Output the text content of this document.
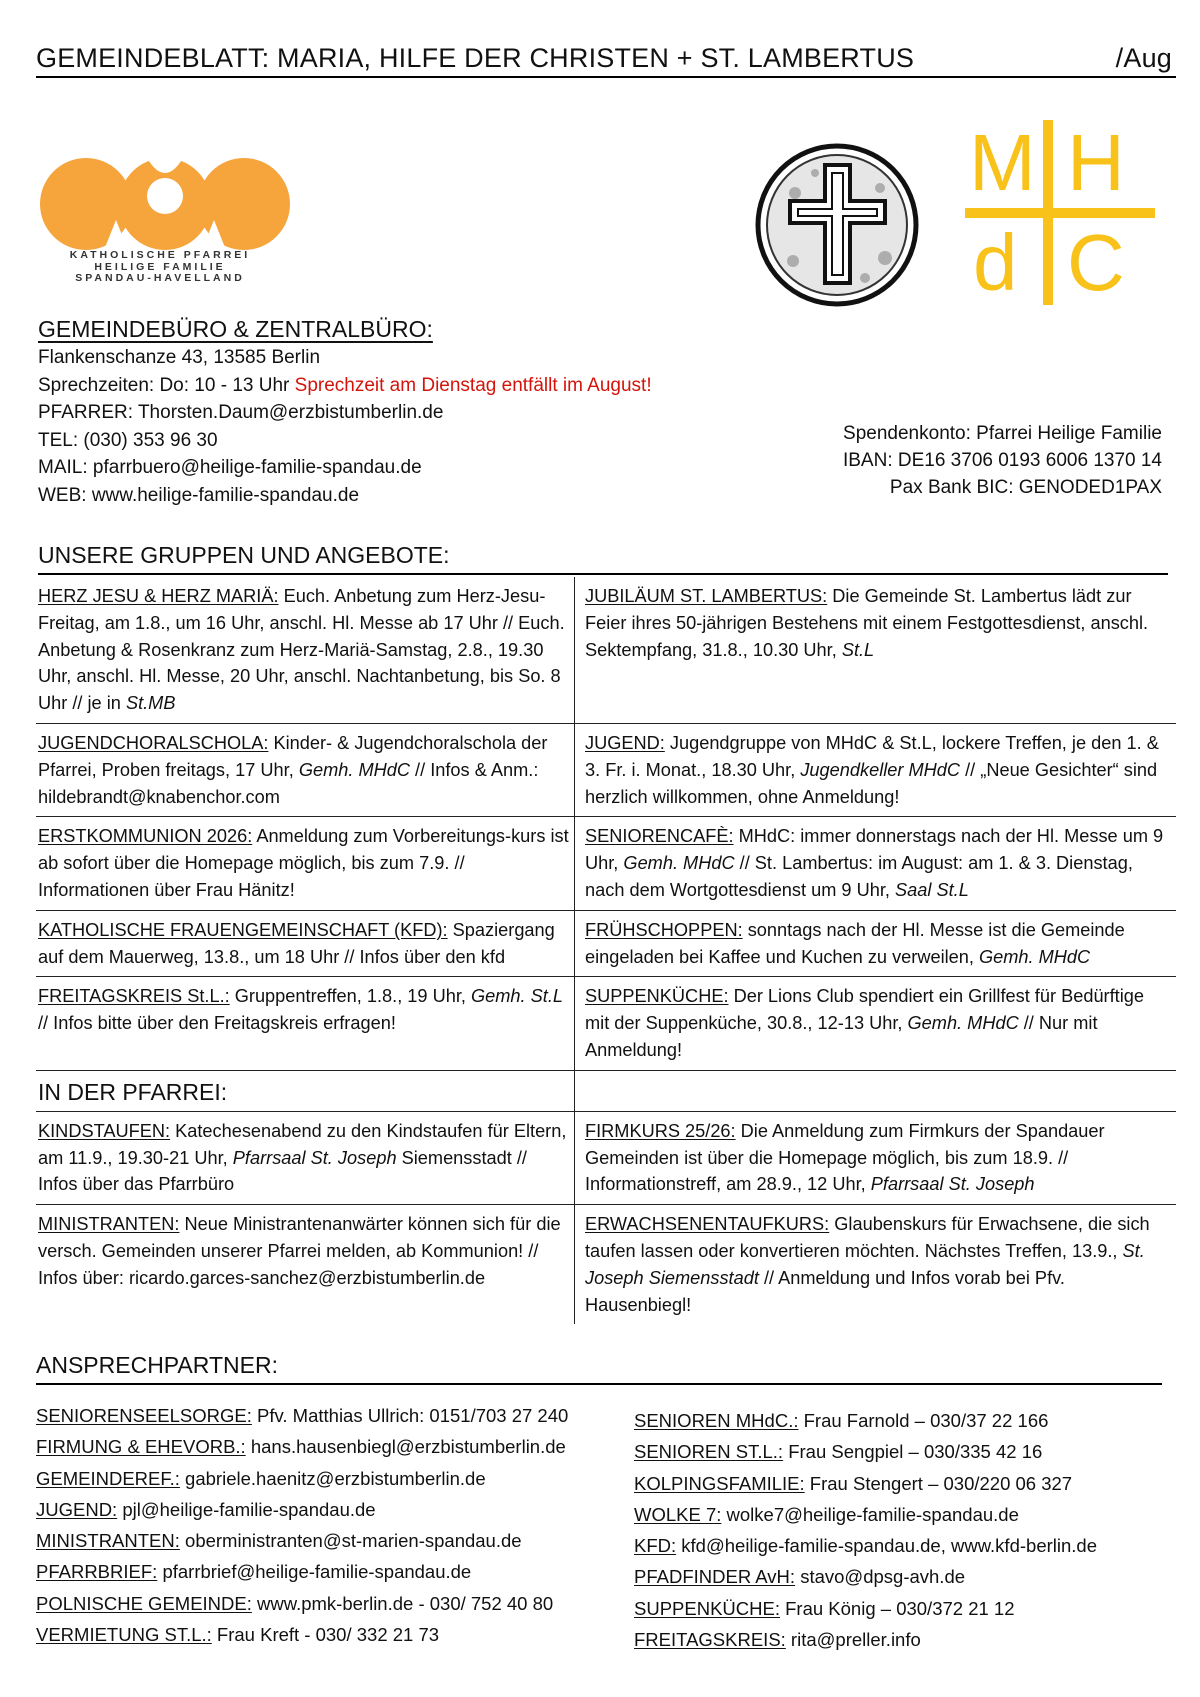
GEMEINDEBLATT: MARIA, HILFE DER CHRISTEN + ST. LAMBERTUS	/Aug
KATHOLISCHE PFARREI
HEILIGE FAMILIE
SPANDAU-HAVELLAND
M H
d C
GEMEINDEBÜRO & ZENTRALBÜRO:
Flankenschanze 43, 13585 Berlin
Sprechzeiten: Do: 10 - 13 Uhr Sprechzeit am Dienstag entfällt im August!
PFARRER: Thorsten.Daum@erzbistumberlin.de
TEL: (030) 353 96 30
MAIL: pfarrbuero@heilige-familie-spandau.de
WEB: www.heilige-familie-spandau.de
Spendenkonto: Pfarrei Heilige Familie
IBAN: DE16 3706 0193 6006 1370 14
Pax Bank BIC: GENODED1PAX
UNSERE GRUPPEN UND ANGEBOTE:
HERZ JESU & HERZ MARIÄ: Euch. Anbetung zum Herz-Jesu-Freitag, am 1.8., um 16 Uhr, anschl. Hl. Messe ab 17 Uhr // Euch. Anbetung & Rosenkranz zum Herz-Mariä-Samstag, 2.8., 19.30 Uhr, anschl. Hl. Messe, 20 Uhr, anschl. Nachtanbetung, bis So. 8 Uhr // je in St.MB
JUBILÄUM ST. LAMBERTUS: Die Gemeinde St. Lambertus lädt zur Feier ihres 50-jährigen Bestehens mit einem Festgottesdienst, anschl. Sektempfang, 31.8., 10.30 Uhr, St.L
JUGENDCHORALSCHOLA: Kinder- & Jugendchoralschola der Pfarrei, Proben freitags, 17 Uhr, Gemh. MHdC // Infos & Anm.: hildebrandt@knabenchor.com
JUGEND: Jugendgruppe von MHdC & St.L, lockere Treffen, je den 1. & 3. Fr. i. Monat., 18.30 Uhr, Jugendkeller MHdC // „Neue Gesichter“ sind herzlich willkommen, ohne Anmeldung!
ERSTKOMMUNION 2026: Anmeldung zum Vorbereitungs-kurs ist ab sofort über die Homepage möglich, bis zum 7.9. // Informationen über Frau Hänitz!
SENIORENCAFÈ: MHdC: immer donnerstags nach der Hl. Messe um 9 Uhr, Gemh. MHdC // St. Lambertus: im August: am 1. & 3. Dienstag, nach dem Wortgottesdienst um 9 Uhr, Saal St.L
KATHOLISCHE FRAUENGEMEINSCHAFT (KFD): Spaziergang auf dem Mauerweg, 13.8., um 18 Uhr // Infos über den kfd
FRÜHSCHOPPEN: sonntags nach der Hl. Messe ist die Gemeinde eingeladen bei Kaffee und Kuchen zu verweilen, Gemh. MHdC
FREITAGSKREIS St.L.: Gruppentreffen, 1.8., 19 Uhr, Gemh. St.L // Infos bitte über den Freitagskreis erfragen!
SUPPENKÜCHE: Der Lions Club spendiert ein Grillfest für Bedürftige mit der Suppenküche, 30.8., 12-13 Uhr, Gemh. MHdC // Nur mit Anmeldung!
IN DER PFARREI:
KINDSTAUFEN: Katechesenabend zu den Kindstaufen für Eltern, am 11.9., 19.30-21 Uhr, Pfarrsaal St. Joseph Siemensstadt // Infos über das Pfarrbüro
FIRMKURS 25/26: Die Anmeldung zum Firmkurs der Spandauer Gemeinden ist über die Homepage möglich, bis zum 18.9. // Informationstreff, am 28.9., 12 Uhr, Pfarrsaal St. Joseph
MINISTRANTEN: Neue Ministrantenanwärter können sich für die versch. Gemeinden unserer Pfarrei melden, ab Kommunion! // Infos über: ricardo.garces-sanchez@erzbistumberlin.de
ERWACHSENENTAUFKURS: Glaubenskurs für Erwachsene, die sich taufen lassen oder konvertieren möchten. Nächstes Treffen, 13.9., St. Joseph Siemensstadt // Anmeldung und Infos vorab bei Pfv. Hausenbiegl!
ANSPRECHPARTNER:
SENIORENSEELSORGE: Pfv. Matthias Ullrich: 0151/703 27 240
FIRMUNG & EHEVORB.: hans.hausenbiegl@erzbistumberlin.de
GEMEINDEREF.: gabriele.haenitz@erzbistumberlin.de
JUGEND: pjl@heilige-familie-spandau.de
MINISTRANTEN: oberministranten@st-marien-spandau.de
PFARRBRIEF: pfarrbrief@heilige-familie-spandau.de
POLNISCHE GEMEINDE: www.pmk-berlin.de - 030/ 752 40 80
VERMIETUNG ST.L.: Frau Kreft - 030/ 332 21 73
SENIOREN MHdC.: Frau Farnold – 030/37 22 166
SENIOREN ST.L.: Frau Sengpiel – 030/335 42 16
KOLPINGSFAMILIE: Frau Stengert – 030/220 06 327
WOLKE 7: wolke7@heilige-familie-spandau.de
KFD: kfd@heilige-familie-spandau.de, www.kfd-berlin.de
PFADFINDER AvH: stavo@dpsg-avh.de
SUPPENKÜCHE: Frau König – 030/372 21 12
FREITAGSKREIS: rita@preller.info
